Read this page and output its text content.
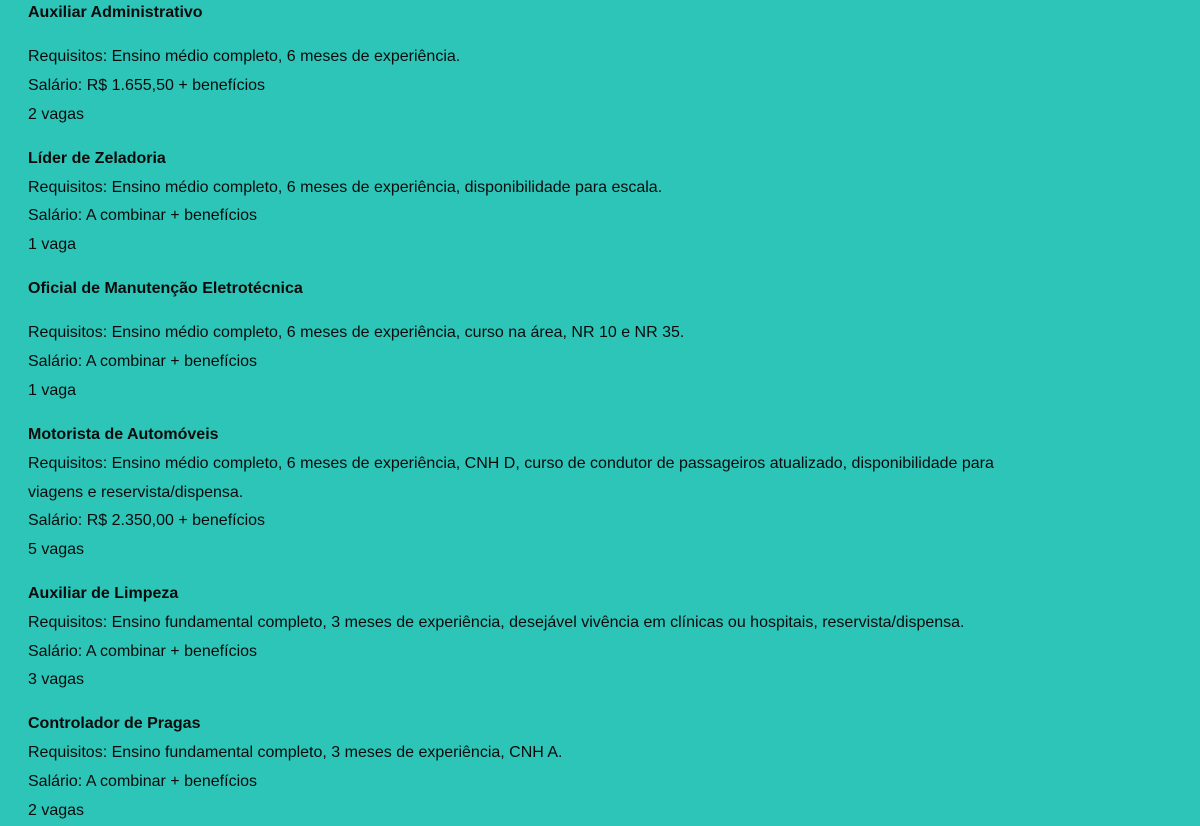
Auxiliar Administrativo
Requisitos: Ensino médio completo, 6 meses de experiência.
Salário: R$ 1.655,50 + benefícios
2 vagas
Líder de Zeladoria
Requisitos: Ensino médio completo, 6 meses de experiência, disponibilidade para escala.
Salário: A combinar + benefícios
1 vaga
Oficial de Manutenção Eletrotécnica
Requisitos: Ensino médio completo, 6 meses de experiência, curso na área, NR 10 e NR 35.
Salário: A combinar + benefícios
1 vaga
Motorista de Automóveis
Requisitos: Ensino médio completo, 6 meses de experiência, CNH D, curso de condutor de passageiros atualizado, disponibilidade para
viagens e reservista/dispensa.
Salário: R$ 2.350,00 + benefícios
5 vagas
Auxiliar de Limpeza
Requisitos: Ensino fundamental completo, 3 meses de experiência, desejável vivência em clínicas ou hospitais, reservista/dispensa.
Salário: A combinar + benefícios
3 vagas
Controlador de Pragas
Requisitos: Ensino fundamental completo, 3 meses de experiência, CNH A.
Salário: A combinar + benefícios
2 vagas
